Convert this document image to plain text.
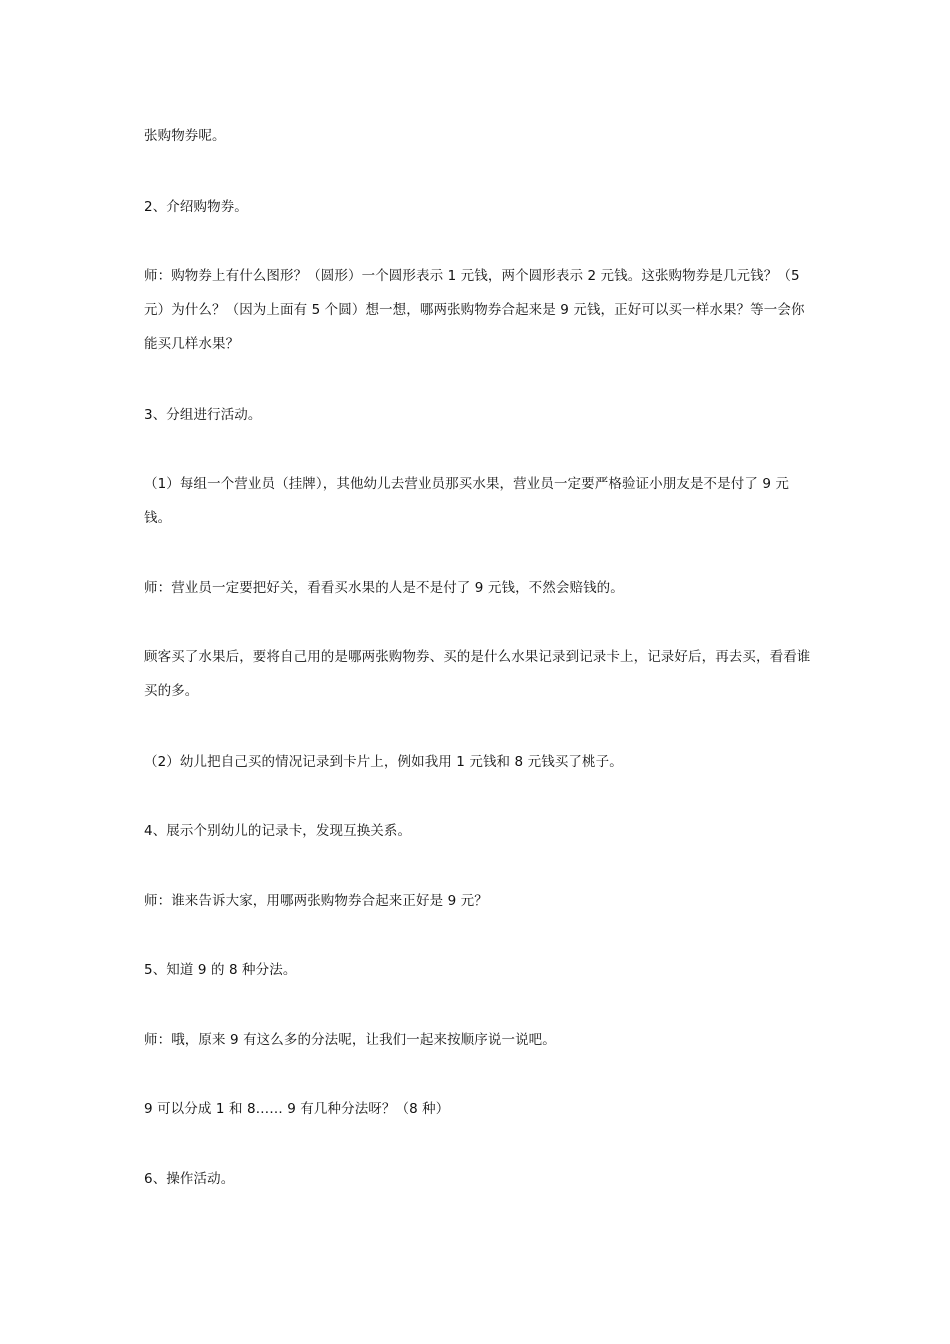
张购物券呢。

2、介绍购物券。

师：购物券上有什么图形？（圆形）一个圆形表示 1 元钱，两个圆形表示 2 元钱。这张购物券是几元钱？（5 元）为什么？（因为上面有 5 个圆）想一想，哪两张购物券合起来是 9 元钱，正好可以买一样水果？等一会你能买几样水果？

3、分组进行活动。

（1）每组一个营业员（挂牌），其他幼儿去营业员那买水果，营业员一定要严格验证小朋友是不是付了 9 元钱。

师：营业员一定要把好关，看看买水果的人是不是付了 9 元钱，不然会赔钱的。

顾客买了水果后，要将自己用的是哪两张购物券、买的是什么水果记录到记录卡上，记录好后，再去买，看看谁买的多。

（2）幼儿把自己买的情况记录到卡片上，例如我用 1 元钱和 8 元钱买了桃子。

4、展示个别幼儿的记录卡，发现互换关系。

师：谁来告诉大家，用哪两张购物券合起来正好是 9 元？

5、知道 9 的 8 种分法。

师：哦，原来 9 有这么多的分法呢，让我们一起来按顺序说一说吧。

9 可以分成 1 和 8…… 9 有几种分法呀？（8 种）

6、操作活动。
